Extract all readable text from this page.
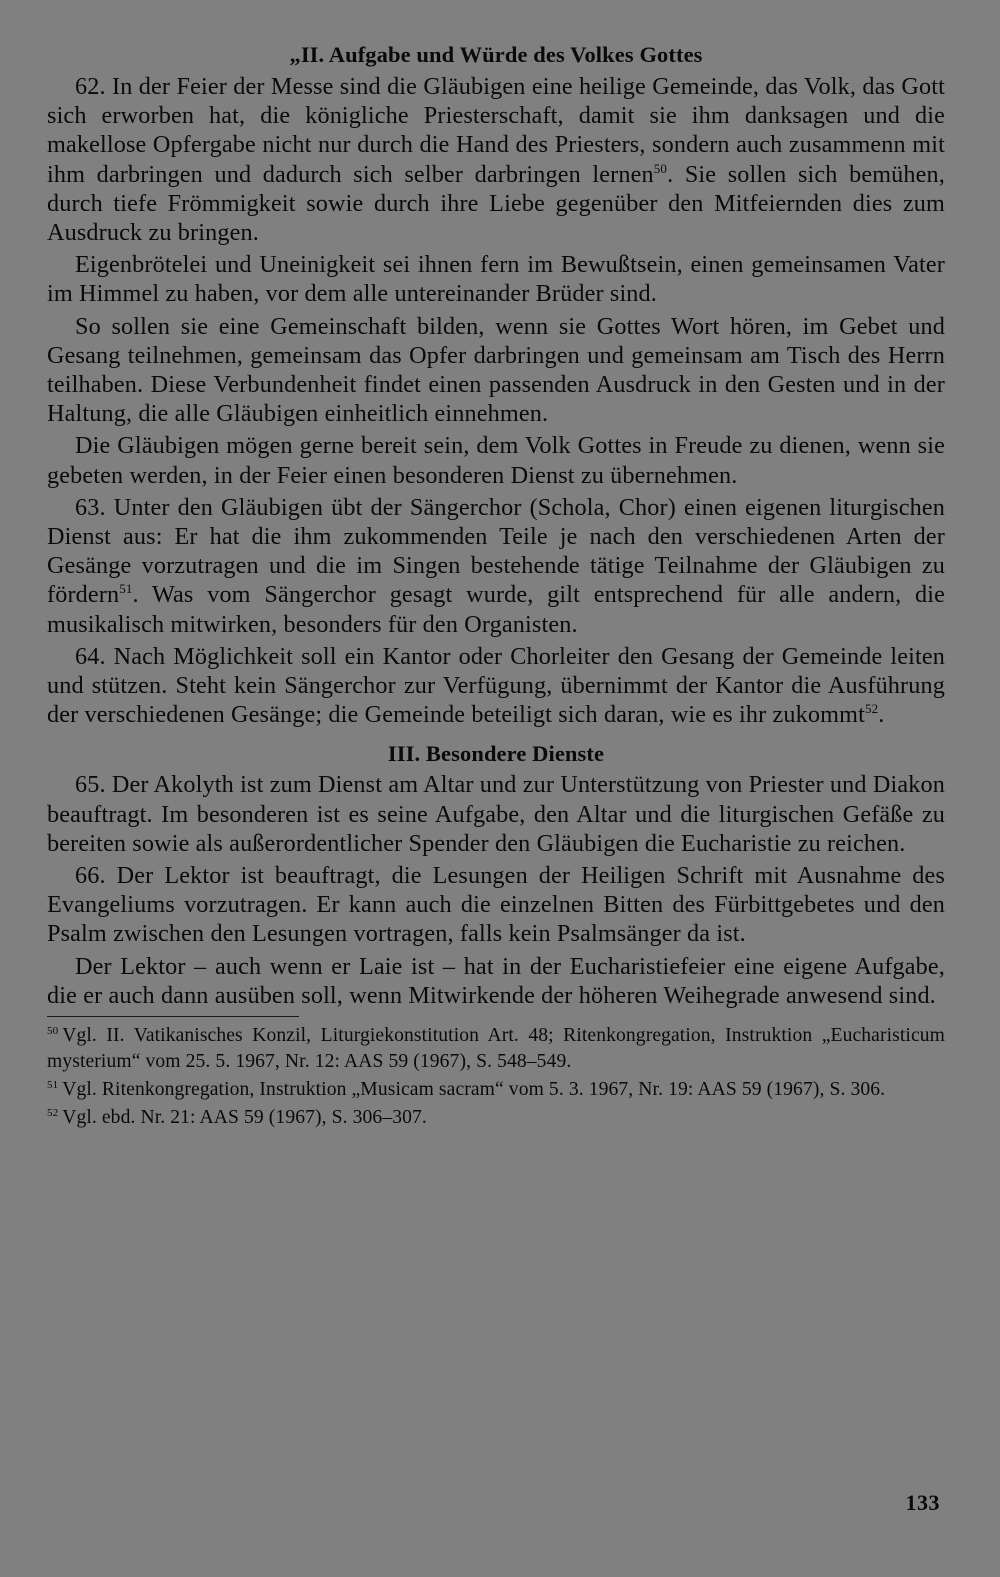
„II. Aufgabe und Würde des Volkes Gottes

62. In der Feier der Messe sind die Gläubigen eine heilige Gemeinde, das Volk, das Gott sich erworben hat, die königliche Priesterschaft, damit sie ihm danksagen und die makellose Opfergabe nicht nur durch die Hand des Priesters, sondern auch zusammenn mit ihm darbringen und dadurch sich selber darbringen lernen$^{50}$. Sie sollen sich bemühen, durch tiefe Frömmigkeit sowie durch ihre Liebe gegenüber den Mitfeiernden dies zum Ausdruck zu bringen.

Eigenbrötelei und Uneinigkeit sei ihnen fern im Bewußtsein, einen gemeinsamen Vater im Himmel zu haben, vor dem alle untereinander Brüder sind.

So sollen sie eine Gemeinschaft bilden, wenn sie Gottes Wort hören, im Gebet und Gesang teilnehmen, gemeinsam das Opfer darbringen und gemeinsam am Tisch des Herrn teilhaben. Diese Verbundenheit findet einen passenden Ausdruck in den Gesten und in der Haltung, die alle Gläubigen einheitlich einnehmen.

Die Gläubigen mögen gerne bereit sein, dem Volk Gottes in Freude zu dienen, wenn sie gebeten werden, in der Feier einen besonderen Dienst zu übernehmen.

63. Unter den Gläubigen übt der Sängerchor (Schola, Chor) einen eigenen liturgischen Dienst aus: Er hat die ihm zukommenden Teile je nach den verschiedenen Arten der Gesänge vorzutragen und die im Singen bestehende tätige Teilnahme der Gläubigen zu fördern$^{51}$. Was vom Sängerchor gesagt wurde, gilt entsprechend für alle andern, die musikalisch mitwirken, besonders für den Organisten.

64. Nach Möglichkeit soll ein Kantor oder Chorleiter den Gesang der Gemeinde leiten und stützen. Steht kein Sängerchor zur Verfügung, übernimmt der Kantor die Ausführung der verschiedenen Gesänge; die Gemeinde beteiligt sich daran, wie es ihr zukommt$^{52}$.

III. Besondere Dienste

65. Der Akolyth ist zum Dienst am Altar und zur Unterstützung von Priester und Diakon beauftragt. Im besonderen ist es seine Aufgabe, den Altar und die liturgischen Gefäße zu bereiten sowie als außerordentlicher Spender den Gläubigen die Eucharistie zu reichen.

66. Der Lektor ist beauftragt, die Lesungen der Heiligen Schrift mit Ausnahme des Evangeliums vorzutragen. Er kann auch die einzelnen Bitten des Fürbittgebetes und den Psalm zwischen den Lesungen vortragen, falls kein Psalmsänger da ist.

Der Lektor – auch wenn er Laie ist – hat in der Eucharistiefeier eine eigene Aufgabe, die er auch dann ausüben soll, wenn Mitwirkende der höheren Weihegrade anwesend sind.

$^{50}$ Vgl. II. Vatikanisches Konzil, Liturgiekonstitution Art. 48; Ritenkongregation, Instruktion „Eucharisticum mysterium“ vom 25. 5. 1967, Nr. 12: AAS 59 (1967), S. 548–549.
$^{51}$ Vgl. Ritenkongregation, Instruktion „Musicam sacram“ vom 5. 3. 1967, Nr. 19: AAS 59 (1967), S. 306.
$^{52}$ Vgl. ebd. Nr. 21: AAS 59 (1967), S. 306–307.
133
